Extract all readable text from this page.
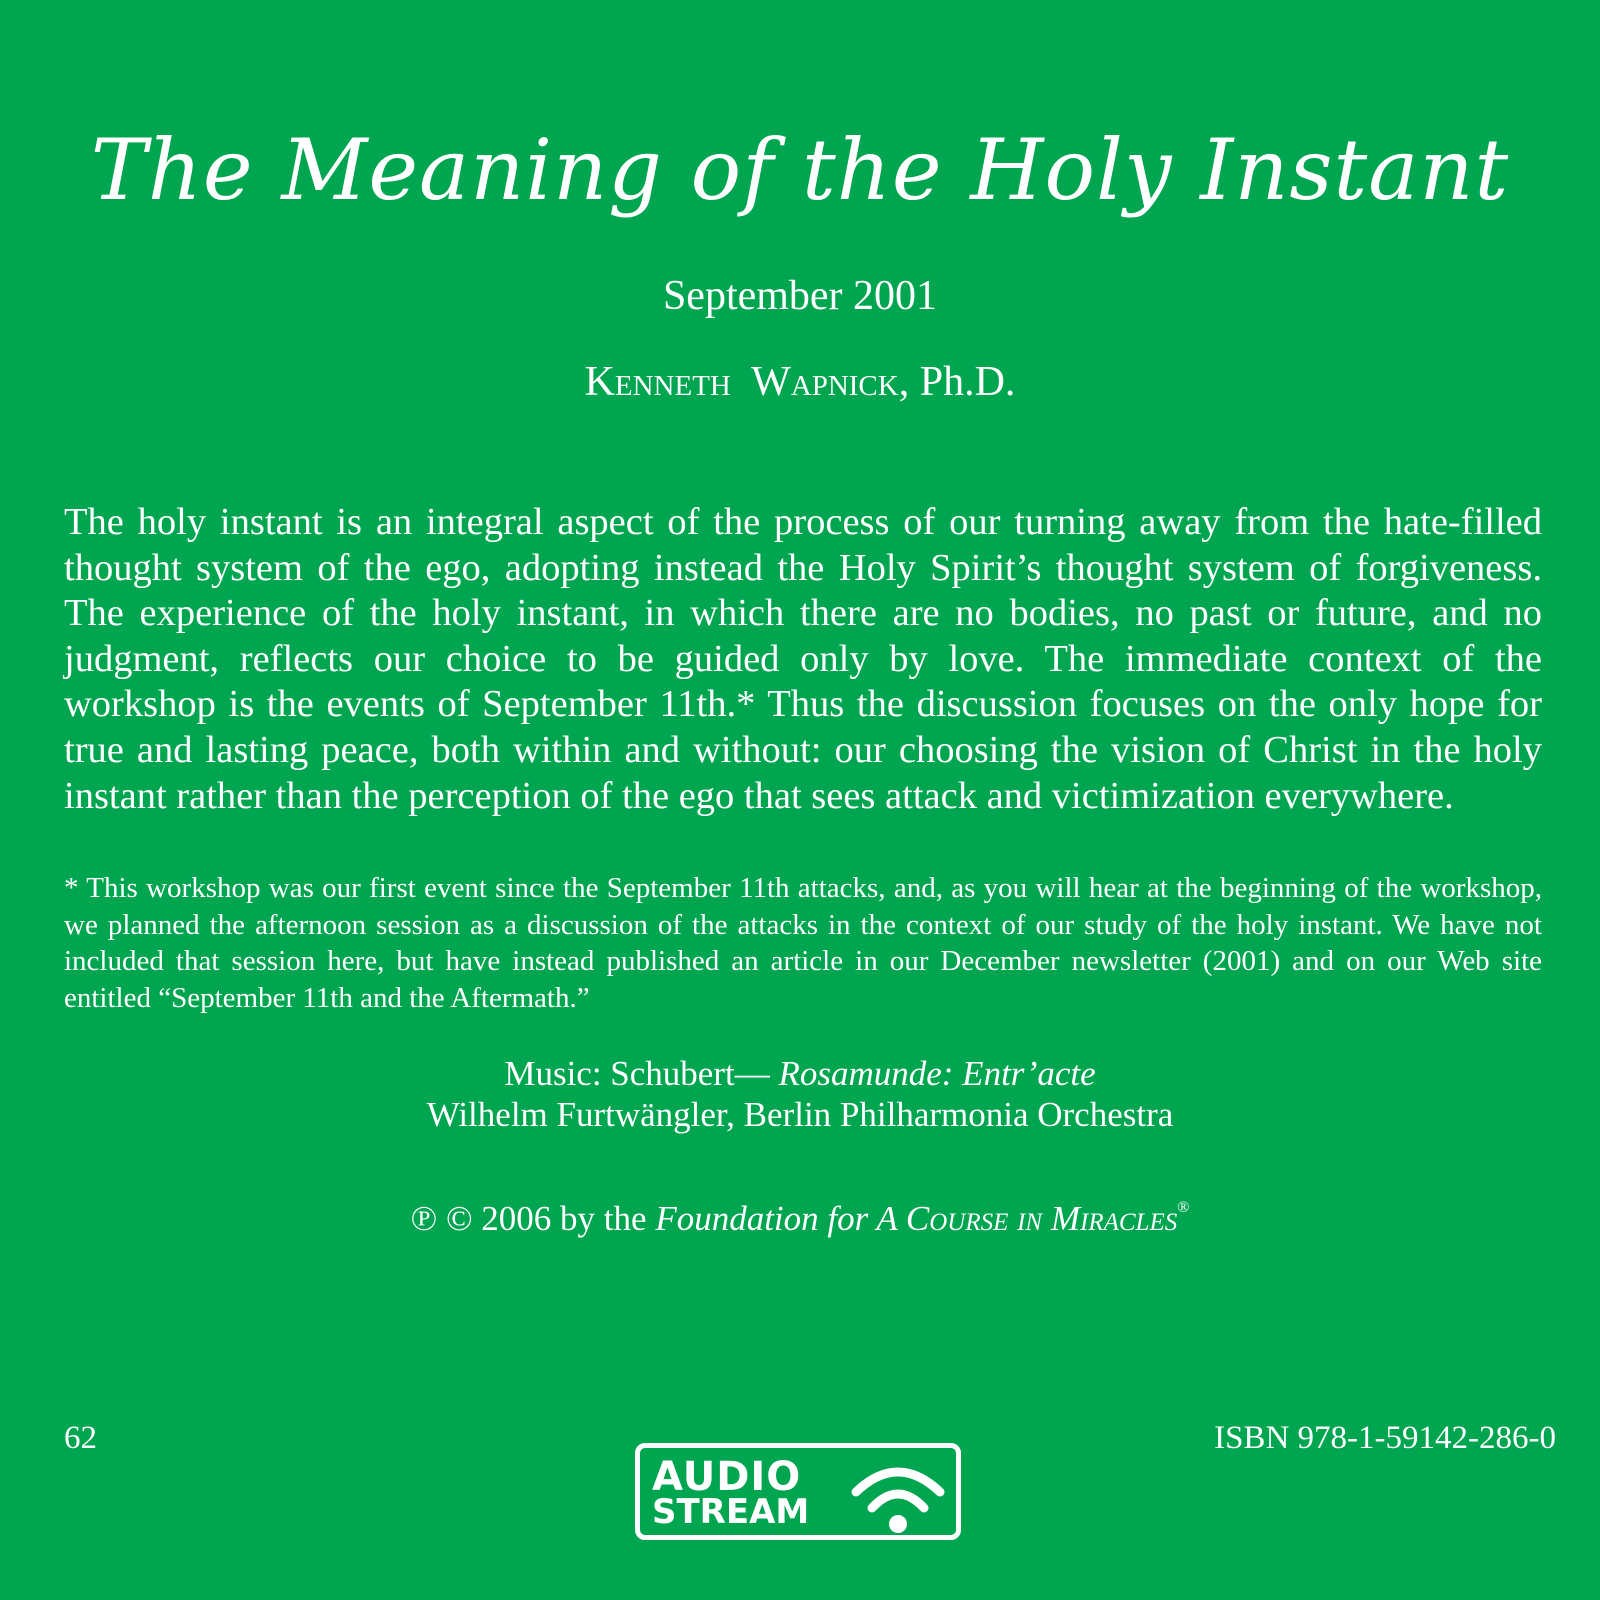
The Meaning of the Holy Instant
September 2001
Kenneth  Wapnick, Ph.D.
The holy instant is an integral aspect of the process of our turning away from the hate-filled thought system of the ego, adopting instead the Holy Spirit’s thought system of forgiveness. The experience of the holy instant, in which there are no bodies, no past or future, and no judgment, reflects our choice to be guided only by love. The immediate context of the workshop is the events of September 11th.* Thus the discussion focuses on the only hope for true and lasting peace, both within and without: our choosing the vision of Christ in the holy instant rather than the perception of the ego that sees attack and victimization everywhere.
* This workshop was our first event since the September 11th attacks, and, as you will hear at the beginning of the workshop, we planned the afternoon session as a discussion of the attacks in the context of our study of the holy instant. We have not included that session here, but have instead published an article in our December newsletter (2001) and on our Web site entitled “September 11th and the Aftermath.”
Music: Schubert— Rosamunde: Entr’acte
Wilhelm Furtwängler, Berlin Philharmonia Orchestra
℗ © 2006 by the Foundation for A Course in Miracles®
62	ISBN 978-1-59142-286-0
AUDIO
STREAM
